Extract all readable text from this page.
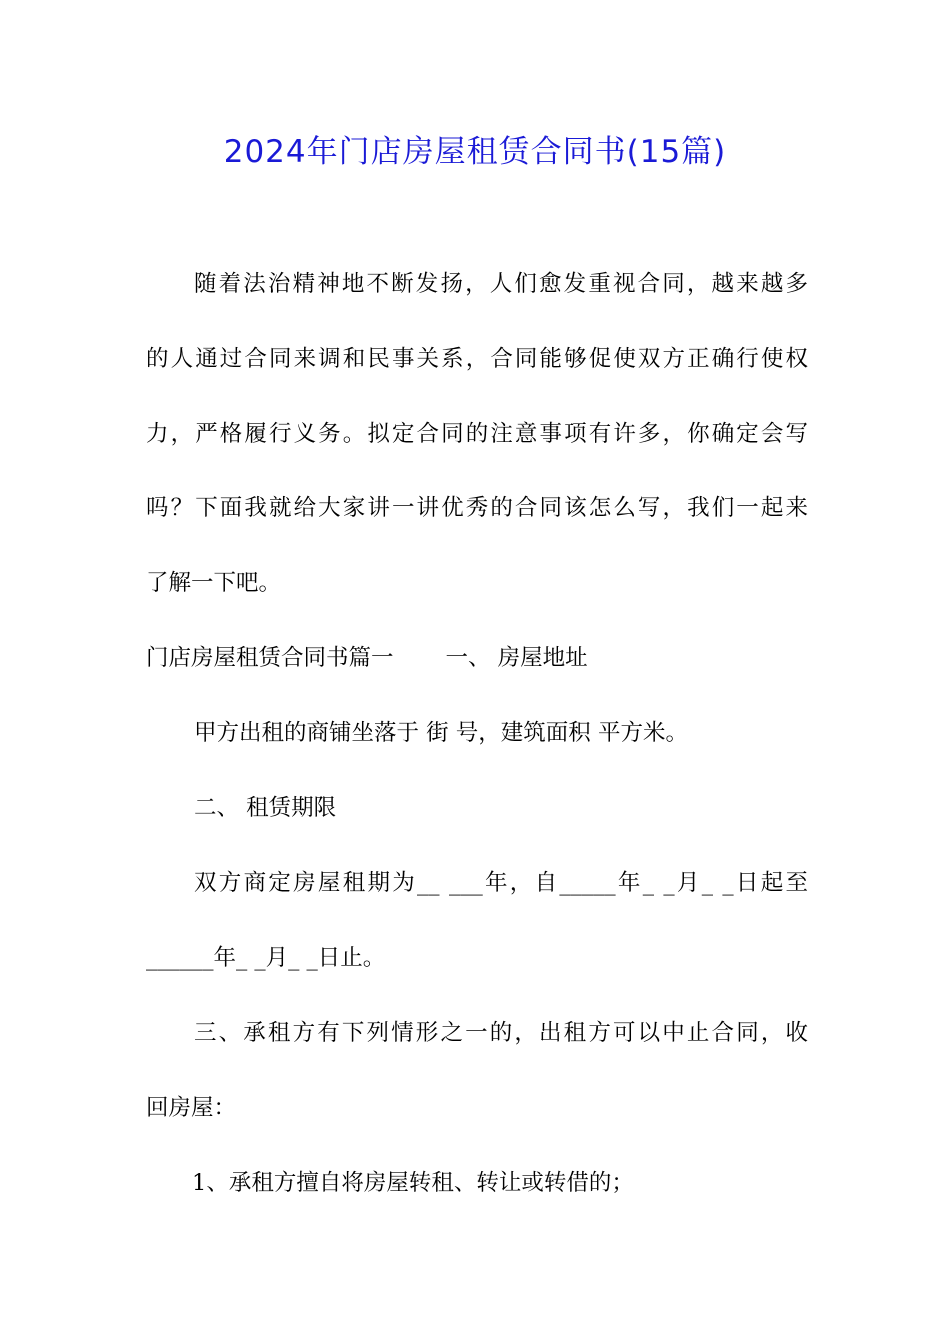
2024年门店房屋租赁合同书(15篇)
随着法治精神地不断发扬，人们愈发重视合同，越来越多
的人通过合同来调和民事关系，合同能够促使双方正确行使权
力，严格履行义务。拟定合同的注意事项有许多，你确定会写
吗？下面我就给大家讲一讲优秀的合同该怎么写，我们一起来
了解一下吧。
门店房屋租赁合同书篇一 一、 房屋地址
甲方出租的商铺坐落于 街 号，建筑面积 平方米。
二、 租赁期限
双方商定房屋租期为__ ___年，自_____年_ _月_ _日起至
______年_ _月_ _日止。
三、承租方有下列情形之一的，出租方可以中止合同，收
回房屋：
1、承租方擅自将房屋转租、转让或转借的；
